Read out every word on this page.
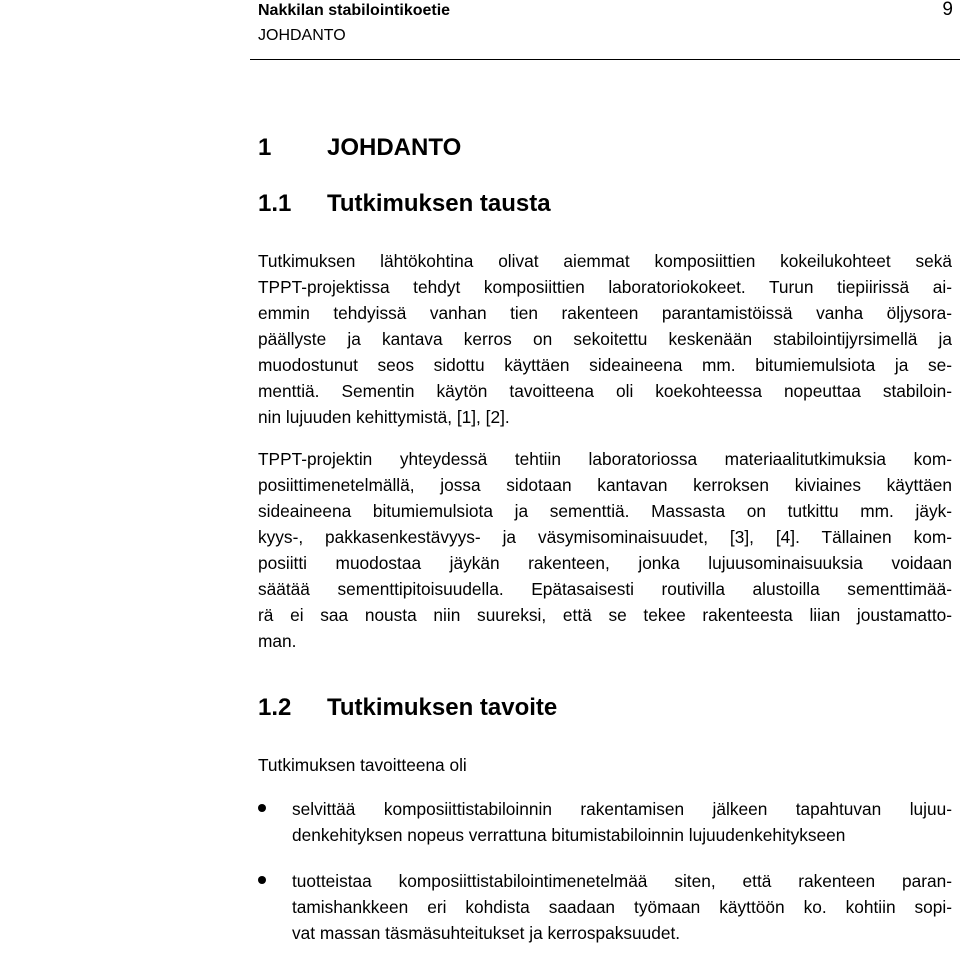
Nakkilan stabilointikoetie
JOHDANTO
9
1	JOHDANTO
1.1	Tutkimuksen tausta
Tutkimuksen lähtökohtina olivat aiemmat komposiittien kokeilukohteet sekä
TPPT-projektissa tehdyt komposiittien laboratoriokokeet. Turun tiepiirissä ai-
emmin tehdyissä vanhan tien rakenteen parantamistöissä vanha öljysora-
päällyste ja kantava kerros on sekoitettu keskenään stabilointijyrsimellä ja
muodostunut seos sidottu käyttäen sideaineena mm. bitumiemulsiota ja se-
menttiä. Sementin käytön tavoitteena oli koekohteessa nopeuttaa stabiloin-
nin lujuuden kehittymistä, [1], [2].
TPPT-projektin yhteydessä tehtiin laboratoriossa materiaalitutkimuksia kom-
posiittimenetelmällä, jossa sidotaan kantavan kerroksen kiviaines käyttäen
sideaineena bitumiemulsiota ja sementtiä. Massasta on tutkittu mm. jäyk-
kyys-, pakkasenkestävyys- ja väsymisominaisuudet, [3], [4]. Tällainen kom-
posiitti muodostaa jäykän rakenteen, jonka lujuusominaisuuksia voidaan
säätää sementtipitoisuudella. Epätasaisesti routivilla alustoilla sementtimää-
rä ei saa nousta niin suureksi, että se tekee rakenteesta liian joustamatto-
man.
1.2	Tutkimuksen tavoite
Tutkimuksen tavoitteena oli
selvittää komposiittistabiloinnin rakentamisen jälkeen tapahtuvan lujuu-
denkehityksen nopeus verrattuna bitumistabiloinnin lujuudenkehitykseen
tuotteistaa komposiittistabilointimenetelmää siten, että rakenteen paran-
tamishankkeen eri kohdista saadaan työmaan käyttöön ko. kohtiin sopi-
vat massan täsmäsuhteitukset ja kerrospaksuudet.
